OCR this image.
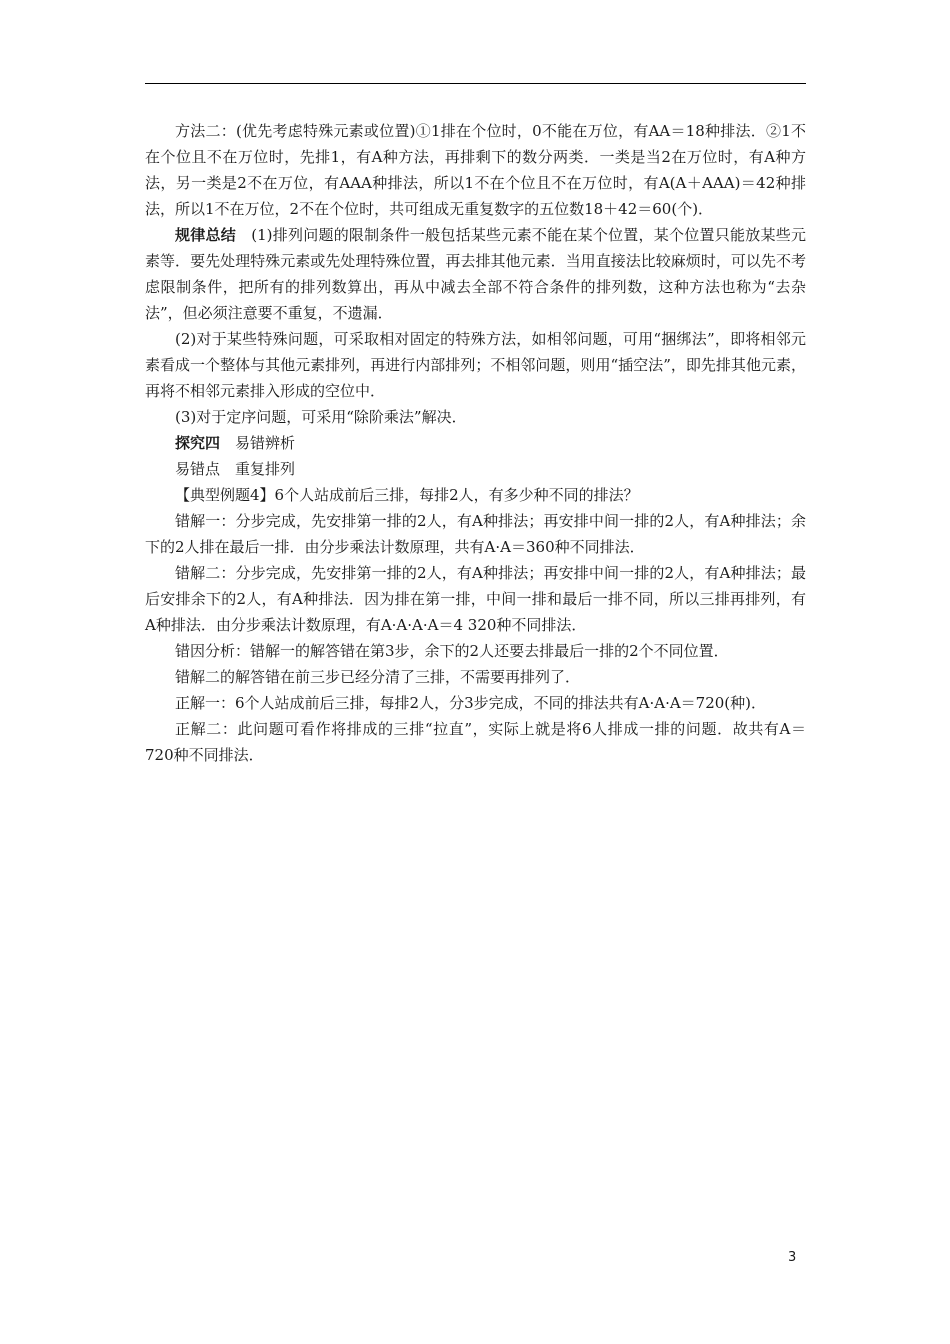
方法二：(优先考虑特殊元素或位置)①1排在个位时，0不能在万位，有AA＝18种排法．②1不在个位且不在万位时，先排1，有A种方法，再排剩下的数分两类．一类是当2在万位时，有A种方法，另一类是2不在万位，有AAA种排法，所以1不在个位且不在万位时，有A(A＋AAA)＝42种排法，所以1不在万位，2不在个位时，共可组成无重复数字的五位数18＋42＝60(个)．

规律总结　(1)排列问题的限制条件一般包括某些元素不能在某个位置，某个位置只能放某些元素等．要先处理特殊元素或先处理特殊位置，再去排其他元素．当用直接法比较麻烦时，可以先不考虑限制条件，把所有的排列数算出，再从中减去全部不符合条件的排列数，这种方法也称为“去杂法”，但必须注意要不重复，不遗漏．

(2)对于某些特殊问题，可采取相对固定的特殊方法，如相邻问题，可用“捆绑法”，即将相邻元素看成一个整体与其他元素排列，再进行内部排列；不相邻问题，则用“插空法”，即先排其他元素，再将不相邻元素排入形成的空位中．

(3)对于定序问题，可采用“除阶乘法”解决．

探究四　易错辨析

易错点　重复排列

【典型例题4】6个人站成前后三排，每排2人，有多少种不同的排法？

错解一：分步完成，先安排第一排的2人，有A种排法；再安排中间一排的2人，有A种排法；余下的2人排在最后一排．由分步乘法计数原理，共有A·A＝360种不同排法．

错解二：分步完成，先安排第一排的2人，有A种排法；再安排中间一排的2人，有A种排法；最后安排余下的2人，有A种排法．因为排在第一排，中间一排和最后一排不同，所以三排再排列，有A种排法．由分步乘法计数原理，有A·A·A·A＝4 320种不同排法．

错因分析：错解一的解答错在第3步，余下的2人还要去排最后一排的2个不同位置．

错解二的解答错在前三步已经分清了三排，不需要再排列了．

正解一：6个人站成前后三排，每排2人，分3步完成，不同的排法共有A·A·A＝720(种)．

正解二：此问题可看作将排成的三排“拉直”，实际上就是将6人排成一排的问题．故共有A＝720种不同排法．

3
